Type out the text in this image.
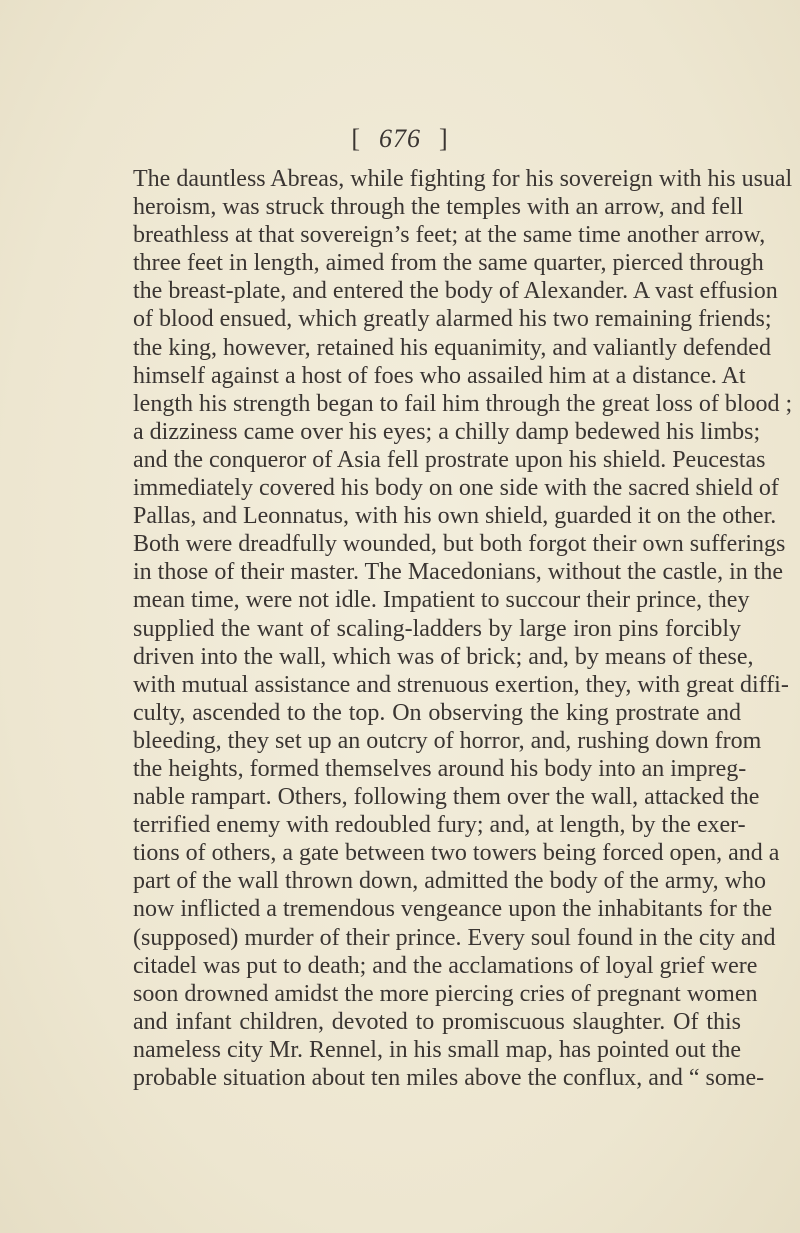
[ 676 ]
The dauntless Abreas, while fighting for his sovereign with his usual
heroism, was struck through the temples with an arrow, and fell
breathless at that sovereign’s feet; at the same time another arrow,
three feet in length, aimed from the same quarter, pierced through
the breast-plate, and entered the body of Alexander. A vast effusion
of blood ensued, which greatly alarmed his two remaining friends;
the king, however, retained his equanimity, and valiantly defended
himself against a host of foes who assailed him at a distance. At
length his strength began to fail him through the great loss of blood ;
a dizziness came over his eyes; a chilly damp bedewed his limbs;
and the conqueror of Asia fell prostrate upon his shield. Peucestas
immediately covered his body on one side with the sacred shield of
Pallas, and Leonnatus, with his own shield, guarded it on the other.
Both were dreadfully wounded, but both forgot their own sufferings
in those of their master. The Macedonians, without the castle, in the
mean time, were not idle. Impatient to succour their prince, they
supplied the want of scaling-ladders by large iron pins forcibly
driven into the wall, which was of brick; and, by means of these,
with mutual assistance and strenuous exertion, they, with great diffi-
culty, ascended to the top. On observing the king prostrate and
bleeding, they set up an outcry of horror, and, rushing down from
the heights, formed themselves around his body into an impreg-
nable rampart. Others, following them over the wall, attacked the
terrified enemy with redoubled fury; and, at length, by the exer-
tions of others, a gate between two towers being forced open, and a
part of the wall thrown down, admitted the body of the army, who
now inflicted a tremendous vengeance upon the inhabitants for the
(supposed) murder of their prince. Every soul found in the city and
citadel was put to death; and the acclamations of loyal grief were
soon drowned amidst the more piercing cries of pregnant women
and infant children, devoted to promiscuous slaughter. Of this
nameless city Mr. Rennel, in his small map, has pointed out the
probable situation about ten miles above the conflux, and “ some-
